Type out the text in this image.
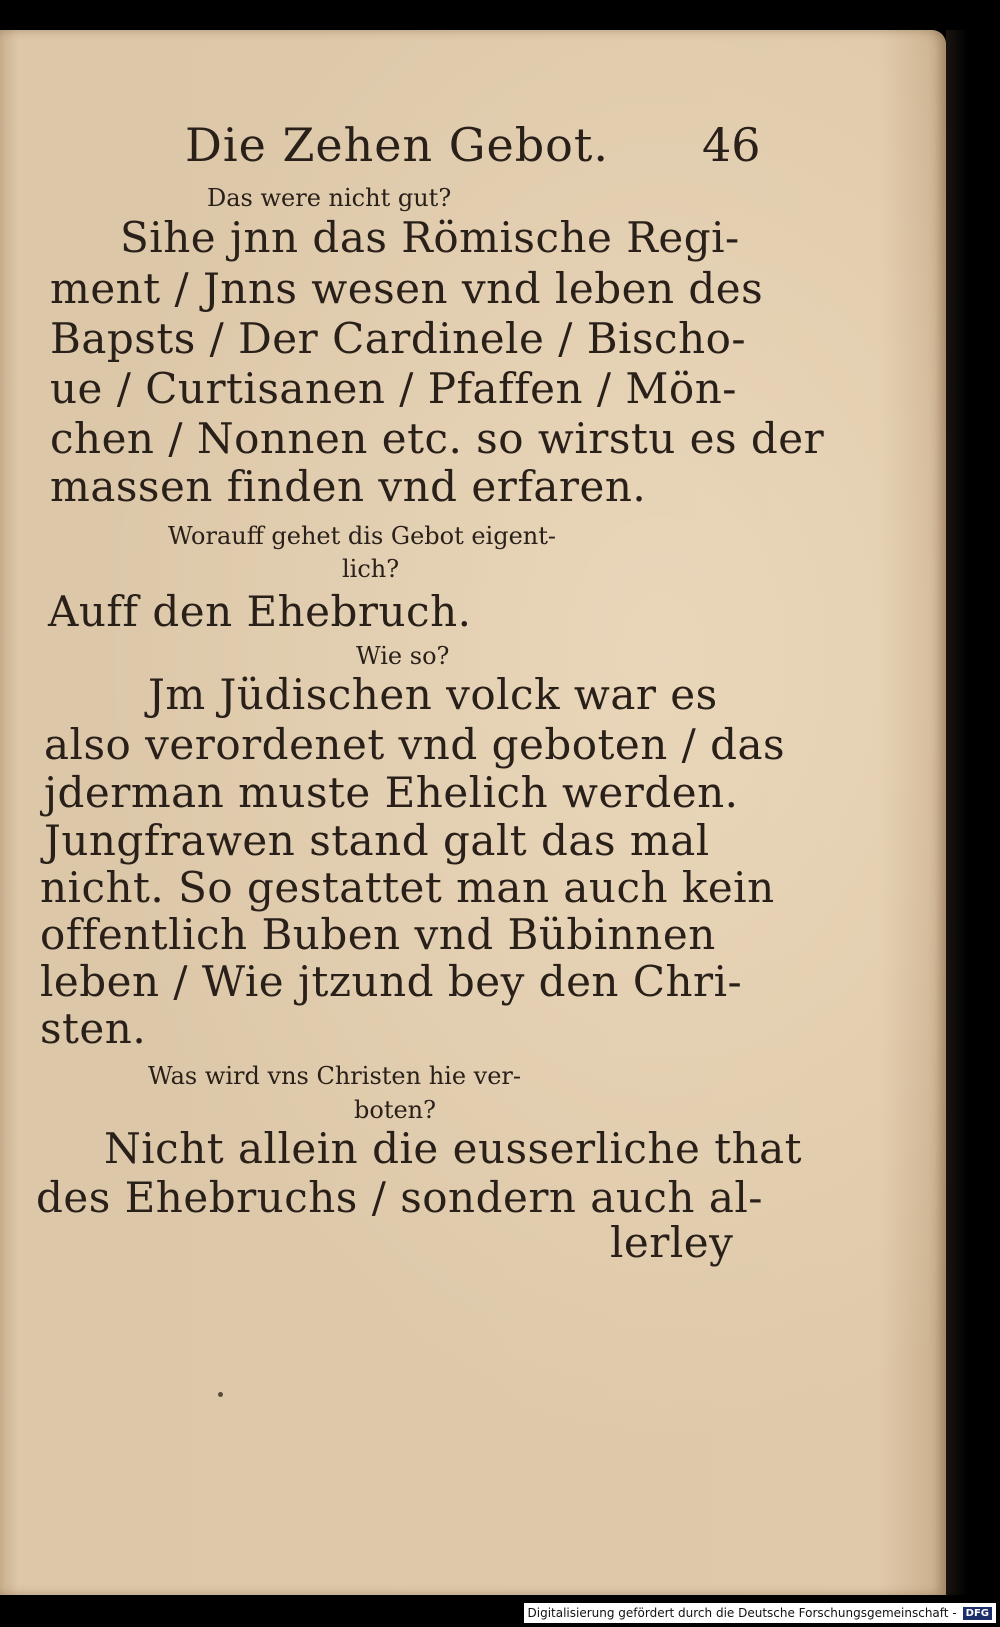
Die Zehen Gebot. 46
Das were nicht gut?
Sihe jnn das Römische Regi-
ment / Jnns wesen vnd leben des
Bapsts / Der Cardinele / Bischo-
ue / Curtisanen / Pfaffen / Mön-
chen / Nonnen etc. so wirstu es der
massen finden vnd erfaren.
Worauff gehet dis Gebot eigent-
lich?
Auff den Ehebruch.
Wie so?
Jm Jüdischen volck war es
also verordenet vnd geboten / das
jderman muste Ehelich werden.
Jungfrawen stand galt das mal
nicht. So gestattet man auch kein
offentlich Buben vnd Bübinnen
leben / Wie jtzund bey den Chri-
sten.
Was wird vns Christen hie ver-
boten?
Nicht allein die eusserliche that
des Ehebruchs / sondern auch al-
lerley
Digitalisierung gefördert durch die Deutsche Forschungsgemeinschaft - DFG
